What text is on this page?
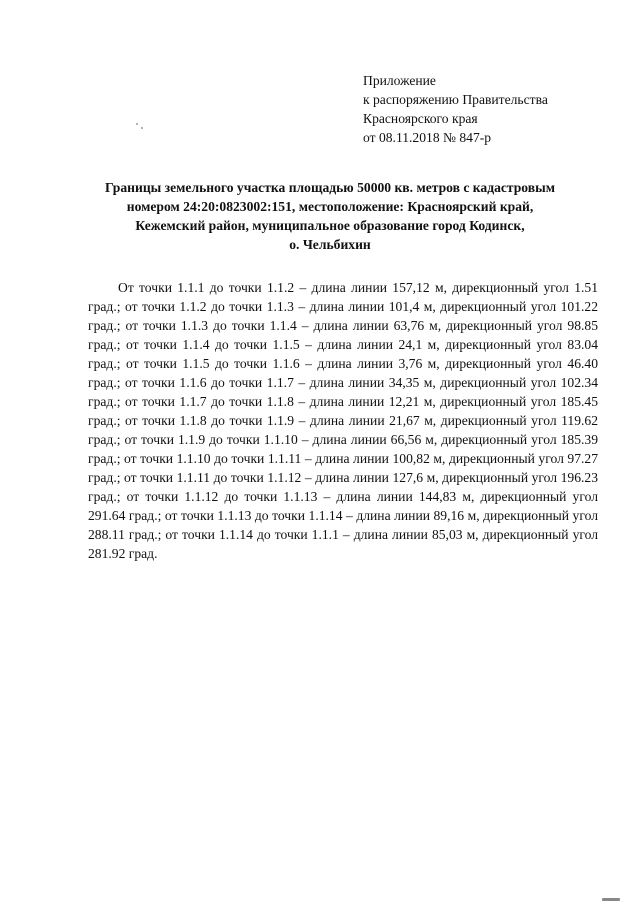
Приложение
к распоряжению Правительства
Красноярского края
от 08.11.2018 № 847-р
Границы земельного участка площадью 50000 кв. метров с кадастровым
номером 24:20:0823002:151, местоположение: Красноярский край,
Кежемский район, муниципальное образование город Кодинск,
о. Чельбихин

От точки 1.1.1 до точки 1.1.2 – длина линии 157,12 м, дирекционный угол 1.51 град.; от точки 1.1.2 до точки 1.1.3 – длина линии 101,4 м, дирекционный угол 101.22 град.; от точки 1.1.3 до точки 1.1.4 – длина линии 63,76 м, дирекционный угол 98.85 град.; от точки 1.1.4 до точки 1.1.5 – длина линии 24,1 м, дирекционный угол 83.04 град.; от точки 1.1.5 до точки 1.1.6 – длина линии 3,76 м, дирекционный угол 46.40 град.; от точки 1.1.6 до точки 1.1.7 – длина линии 34,35 м, дирекционный угол 102.34 град.; от точки 1.1.7 до точки 1.1.8 – длина линии 12,21 м, дирекционный угол 185.45 град.; от точки 1.1.8 до точки 1.1.9 – длина линии 21,67 м, дирекционный угол 119.62 град.; от точки 1.1.9 до точки 1.1.10 – длина линии 66,56 м, дирекционный угол 185.39 град.; от точки 1.1.10 до точки 1.1.11 – длина линии 100,82 м, дирекционный угол 97.27 град.; от точки 1.1.11 до точки 1.1.12 – длина линии 127,6 м, дирекционный угол 196.23 град.; от точки 1.1.12 до точки 1.1.13 – длина линии 144,83 м, дирекционный угол 291.64 град.; от точки 1.1.13 до точки 1.1.14 – длина линии 89,16 м, дирекционный угол 288.11 град.; от точки 1.1.14 до точки 1.1.1 – длина линии 85,03 м, дирекционный угол 281.92 град.
